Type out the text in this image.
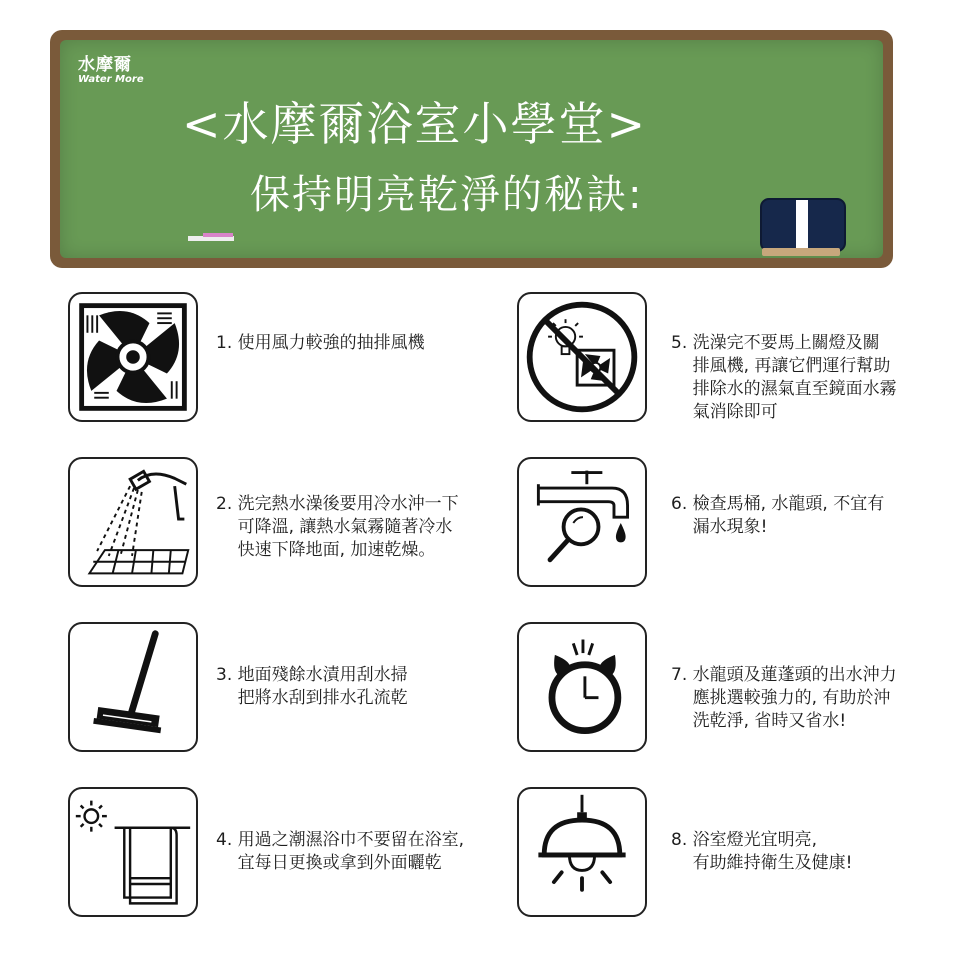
水摩爾
Water More
<水摩爾浴室小學堂>
保持明亮乾淨的秘訣:
1. 使用風力較強的抽排風機
2. 洗完熱水澡後要用冷水沖一下
可降溫, 讓熱水氣霧隨著冷水
快速下降地面, 加速乾燥。
3. 地面殘餘水漬用刮水掃
把將水刮到排水孔流乾
4. 用過之潮濕浴巾不要留在浴室,
宜每日更換或拿到外面曬乾
5. 洗澡完不要馬上關燈及關
排風機, 再讓它們運行幫助
排除水的濕氣直至鏡面水霧
氣消除即可
6. 檢查馬桶, 水龍頭, 不宜有
漏水現象!
7. 水龍頭及蓮蓬頭的出水沖力
應挑選較強力的, 有助於沖
洗乾淨, 省時又省水!
8. 浴室燈光宜明亮,
有助維持衛生及健康!
